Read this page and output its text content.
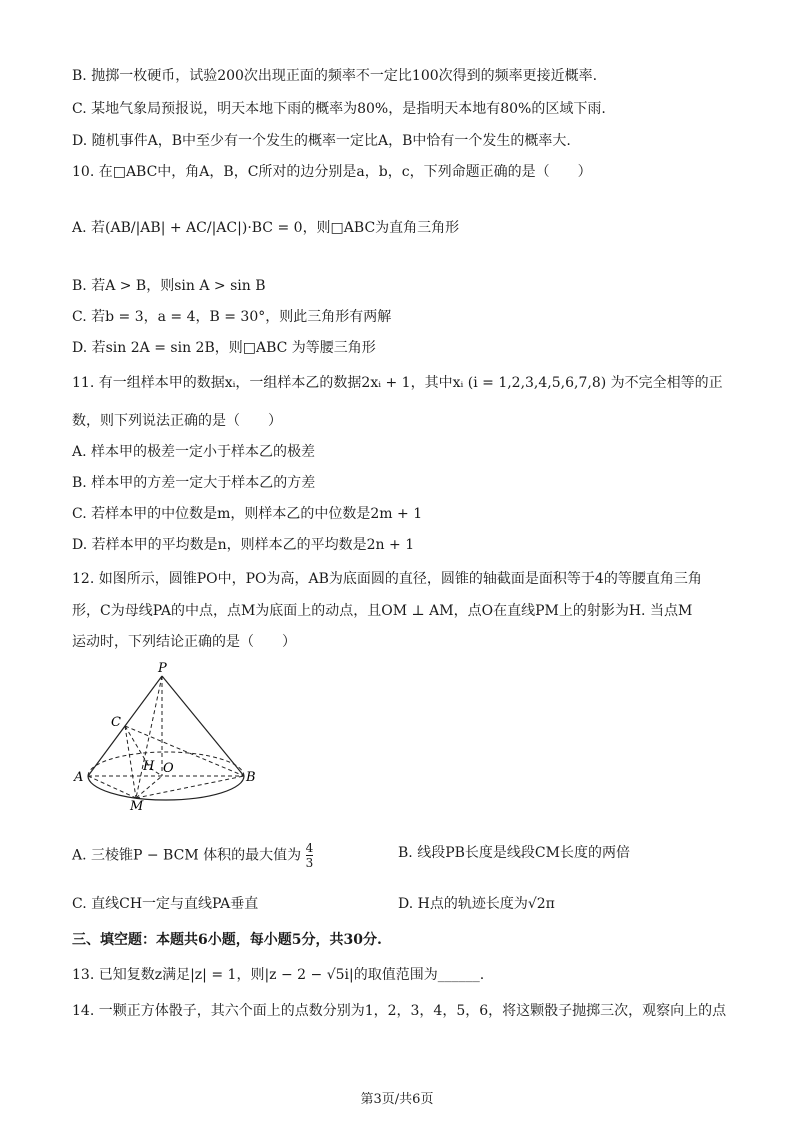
B. 抛掷一枚硬币，试验200次出现正面的频率不一定比100次得到的频率更接近概率.
C. 某地气象局预报说，明天本地下雨的概率为80%，是指明天本地有80%的区域下雨.
D. 随机事件A，B中至少有一个发生的概率一定比A，B中恰有一个发生的概率大.
10. 在□ABC中，角A，B，C所对的边分别是a，b，c，下列命题正确的是（　　）
A. 若(AB/|AB| + AC/|AC|)·BC = 0，则□ABC为直角三角形
B. 若A > B，则sin A > sin B
C. 若b = 3，a = 4，B = 30°，则此三角形有两解
D. 若sin 2A = sin 2B，则□ABC 为等腰三角形
11. 有一组样本甲的数据xᵢ，一组样本乙的数据2xᵢ + 1，其中xᵢ (i = 1,2,3,4,5,6,7,8) 为不完全相等的正
数，则下列说法正确的是（　　）
A. 样本甲的极差一定小于样本乙的极差
B. 样本甲的方差一定大于样本乙的方差
C. 若样本甲的中位数是m，则样本乙的中位数是2m + 1
D. 若样本甲的平均数是n，则样本乙的平均数是2n + 1
12. 如图所示，圆锥PO中，PO为高，AB为底面圆的直径，圆锥的轴截面是面积等于4的等腰直角三角
形，C为母线PA的中点，点M为底面上的动点，且OM ⊥ AM，点O在直线PM上的射影为H. 当点M
运动时，下列结论正确的是（　　）
P
C
H O
A	B
M
A. 三棱锥P − BCM 体积的最大值为 $\frac{4}{3}$	B. 线段PB长度是线段CM长度的两倍
C. 直线CH一定与直线PA垂直	D. H点的轨迹长度为√2π
三、填空题：本题共6小题，每小题5分，共30分.
13. 已知复数z满足|z| = 1，则|z − 2 − √5i|的取值范围为______.
14. 一颗正方体骰子，其六个面上的点数分别为1，2，3，4，5，6，将这颗骰子抛掷三次，观察向上的点
第3页/共6页
